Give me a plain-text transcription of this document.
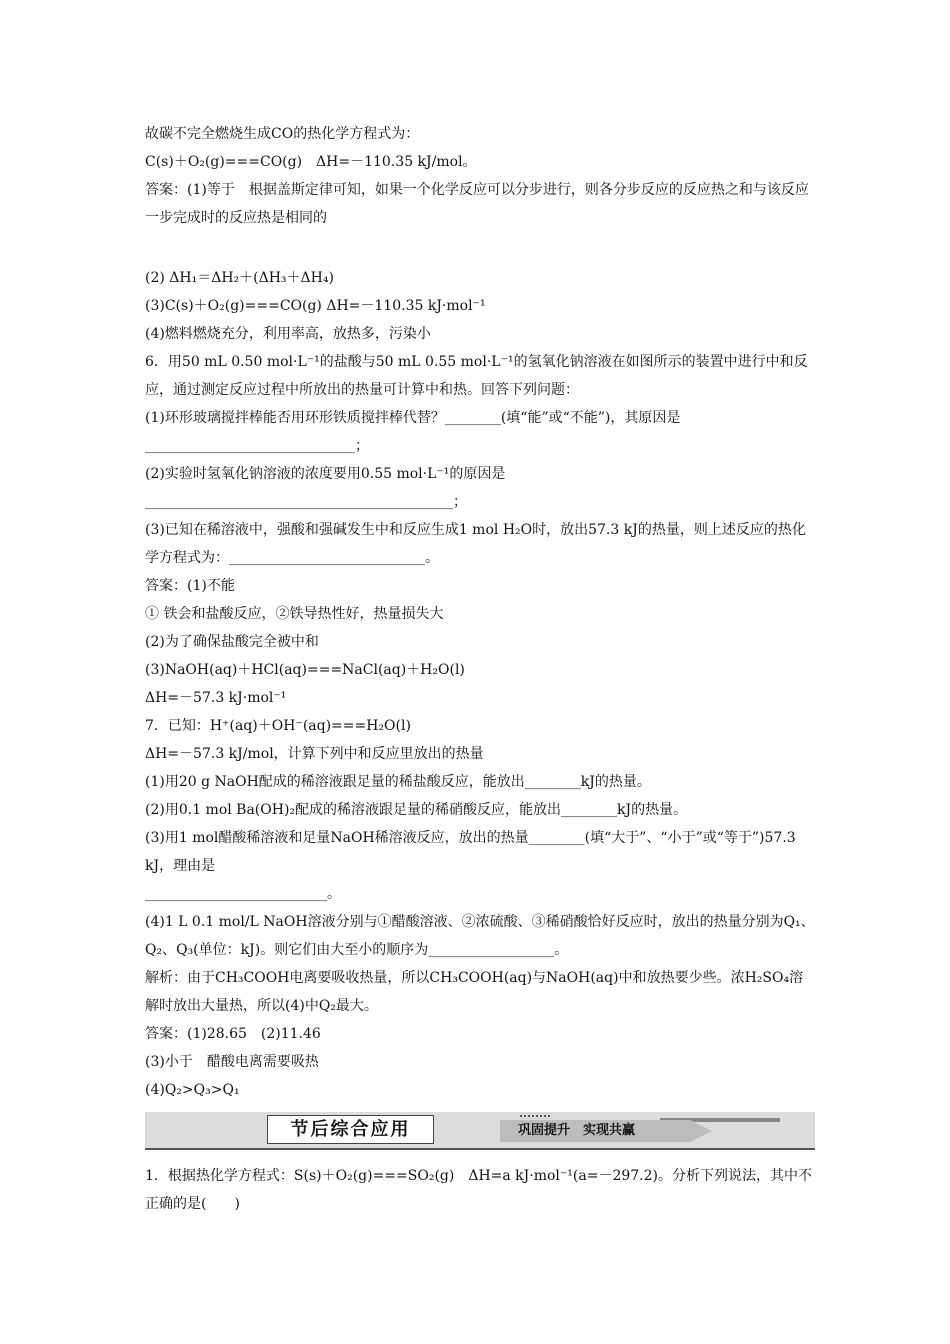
故碳不完全燃烧生成CO的热化学方程式为：
C(s)＋O₂(g)===CO(g)　ΔH=－110.35 kJ/mol。
答案：(1)等于　根据盖斯定律可知，如果一个化学反应可以分步进行，则各分步反应的反应热之和与该反应一步完成时的反应热是相同的
(2) ΔH₁＝ΔH₂＋(ΔH₃＋ΔH₄)
(3)C(s)＋O₂(g)===CO(g) ΔH=－110.35 kJ·mol⁻¹
(4)燃料燃烧充分，利用率高，放热多，污染小
6．用50 mL 0.50 mol·L⁻¹的盐酸与50 mL 0.55 mol·L⁻¹的氢氧化钠溶液在如图所示的装置中进行中和反应，通过测定反应过程中所放出的热量可计算中和热。回答下列问题：
(1)环形玻璃搅拌棒能否用环形铁质搅拌棒代替？________(填“能”或“不能”)，其原因是______________________________；
(2)实验时氢氧化钠溶液的浓度要用0.55 mol·L⁻¹的原因是____________________________________________；
(3)已知在稀溶液中，强酸和强碱发生中和反应生成1 mol H₂O时，放出57.3 kJ的热量，则上述反应的热化学方程式为：____________________________。
答案：(1)不能
① 铁会和盐酸反应，②铁导热性好，热量损失大
(2)为了确保盐酸完全被中和
(3)NaOH(aq)＋HCl(aq)===NaCl(aq)＋H₂O(l)
ΔH=－57.3 kJ·mol⁻¹
7．已知：H⁺(aq)＋OH⁻(aq)===H₂O(l)
ΔH=－57.3 kJ/mol，计算下列中和反应里放出的热量
(1)用20 g NaOH配成的稀溶液跟足量的稀盐酸反应，能放出________kJ的热量。
(2)用0.1 mol Ba(OH)₂配成的稀溶液跟足量的稀硝酸反应，能放出________kJ的热量。
(3)用1 mol醋酸稀溶液和足量NaOH稀溶液反应，放出的热量________(填“大于”、“小于”或“等于”)57.3 kJ，理由是
__________________________。
(4)1 L 0.1 mol/L NaOH溶液分别与①醋酸溶液、②浓硫酸、③稀硝酸恰好反应时，放出的热量分别为Q₁、Q₂、Q₃(单位：kJ)。则它们由大至小的顺序为__________________。
解析：由于CH₃COOH电离要吸收热量，所以CH₃COOH(aq)与NaOH(aq)中和放热要少些。浓H₂SO₄溶解时放出大量热，所以(4)中Q₂最大。
答案：(1)28.65　(2)11.46
(3)小于　醋酸电离需要吸热
(4)Q₂>Q₃>Q₁
节后综合应用	巩固提升　实现共赢
1．根据热化学方程式：S(s)＋O₂(g)===SO₂(g)　ΔH=a kJ·mol⁻¹(a=－297.2)。分析下列说法，其中不正确的是(　　)
